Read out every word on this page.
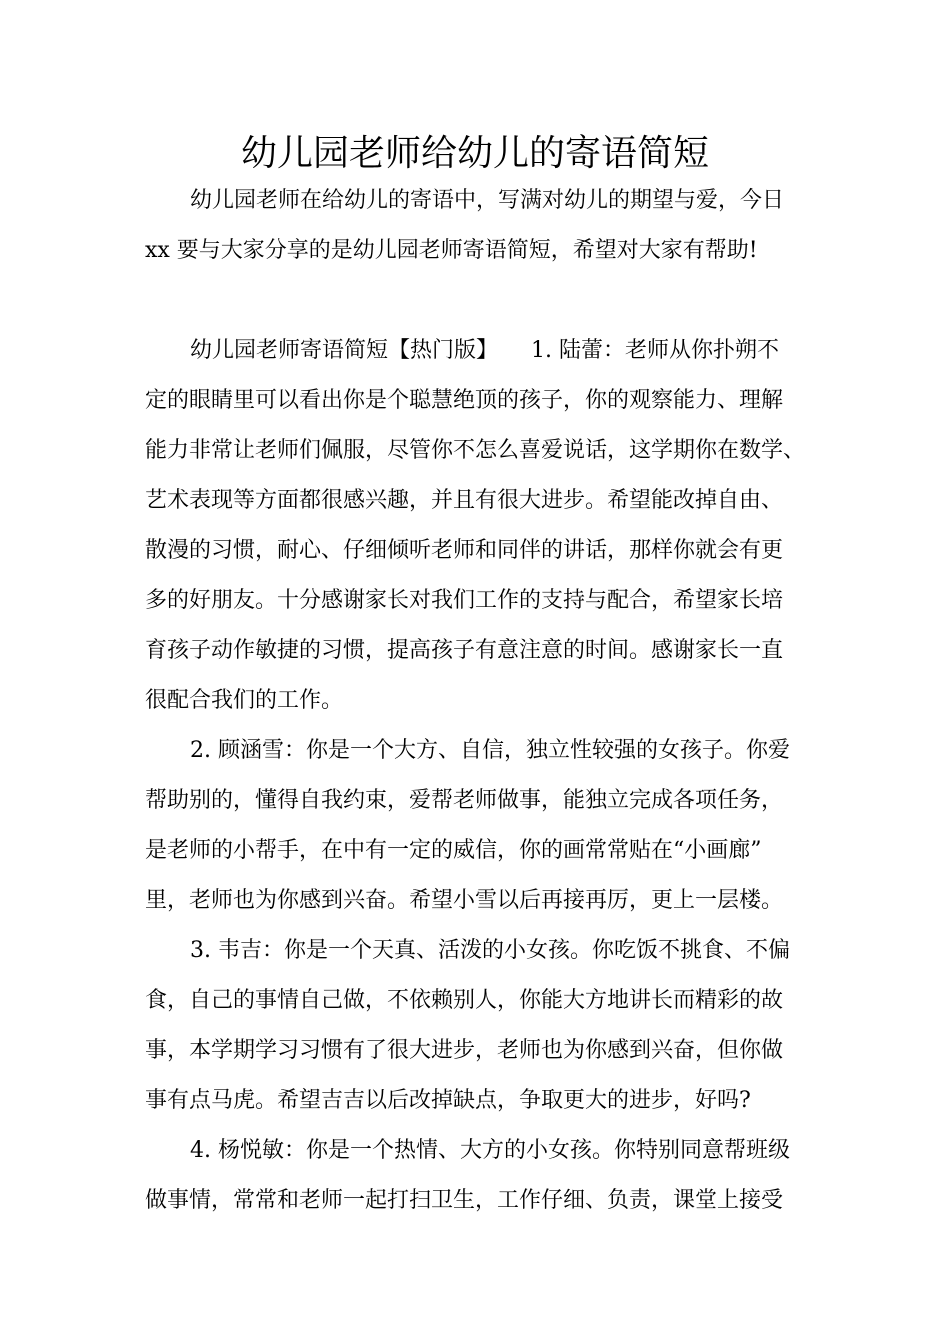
幼儿园老师给幼儿的寄语简短
幼儿园老师在给幼儿的寄语中，写满对幼儿的期望与爱，今日
xx 要与大家分享的是幼儿园老师寄语简短，希望对大家有帮助!
幼儿园老师寄语简短【热门版】　　1. 陆蕾：老师从你扑朔不
定的眼睛里可以看出你是个聪慧绝顶的孩子，你的观察能力、理解
能力非常让老师们佩服，尽管你不怎么喜爱说话，这学期你在数学、
艺术表现等方面都很感兴趣，并且有很大进步。希望能改掉自由、
散漫的习惯，耐心、仔细倾听老师和同伴的讲话，那样你就会有更
多的好朋友。十分感谢家长对我们工作的支持与配合，希望家长培
育孩子动作敏捷的习惯，提高孩子有意注意的时间。感谢家长一直
很配合我们的工作。
2. 顾涵雪：你是一个大方、自信，独立性较强的女孩子。你爱
帮助别的，懂得自我约束，爱帮老师做事，能独立完成各项任务，
是老师的小帮手，在中有一定的威信，你的画常常贴在“小画廊”
里，老师也为你感到兴奋。希望小雪以后再接再厉，更上一层楼。
3. 韦吉：你是一个天真、活泼的小女孩。你吃饭不挑食、不偏
食，自己的事情自己做，不依赖别人，你能大方地讲长而精彩的故
事，本学期学习习惯有了很大进步，老师也为你感到兴奋，但你做
事有点马虎。希望吉吉以后改掉缺点，争取更大的进步，好吗?
4. 杨悦敏：你是一个热情、大方的小女孩。你特别同意帮班级
做事情，常常和老师一起打扫卫生，工作仔细、负责，课堂上接受
